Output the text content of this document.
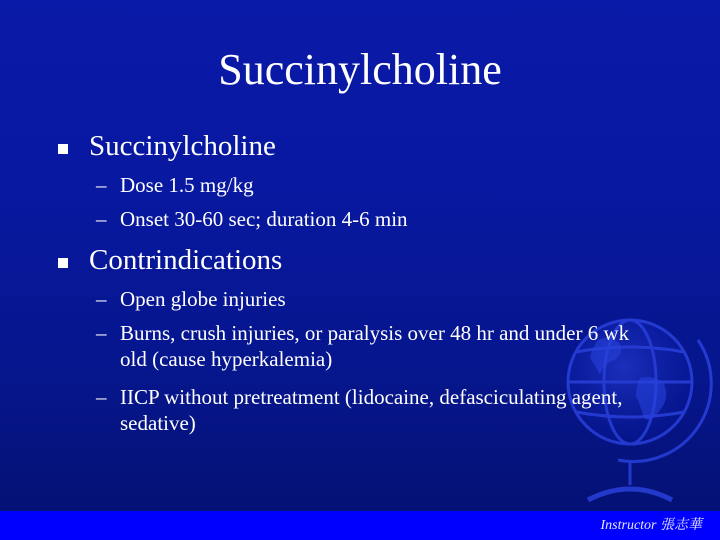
Succinylcholine
Succinylcholine
– Dose 1.5 mg/kg
– Onset 30-60 sec; duration 4-6 min
Contrindications
– Open globe injuries
– Burns, crush injuries, or paralysis over 48 hr and under 6 wk old (cause hyperkalemia)
– IICP without pretreatment (lidocaine, defasciculating agent, sedative)
Instructor 張志華
